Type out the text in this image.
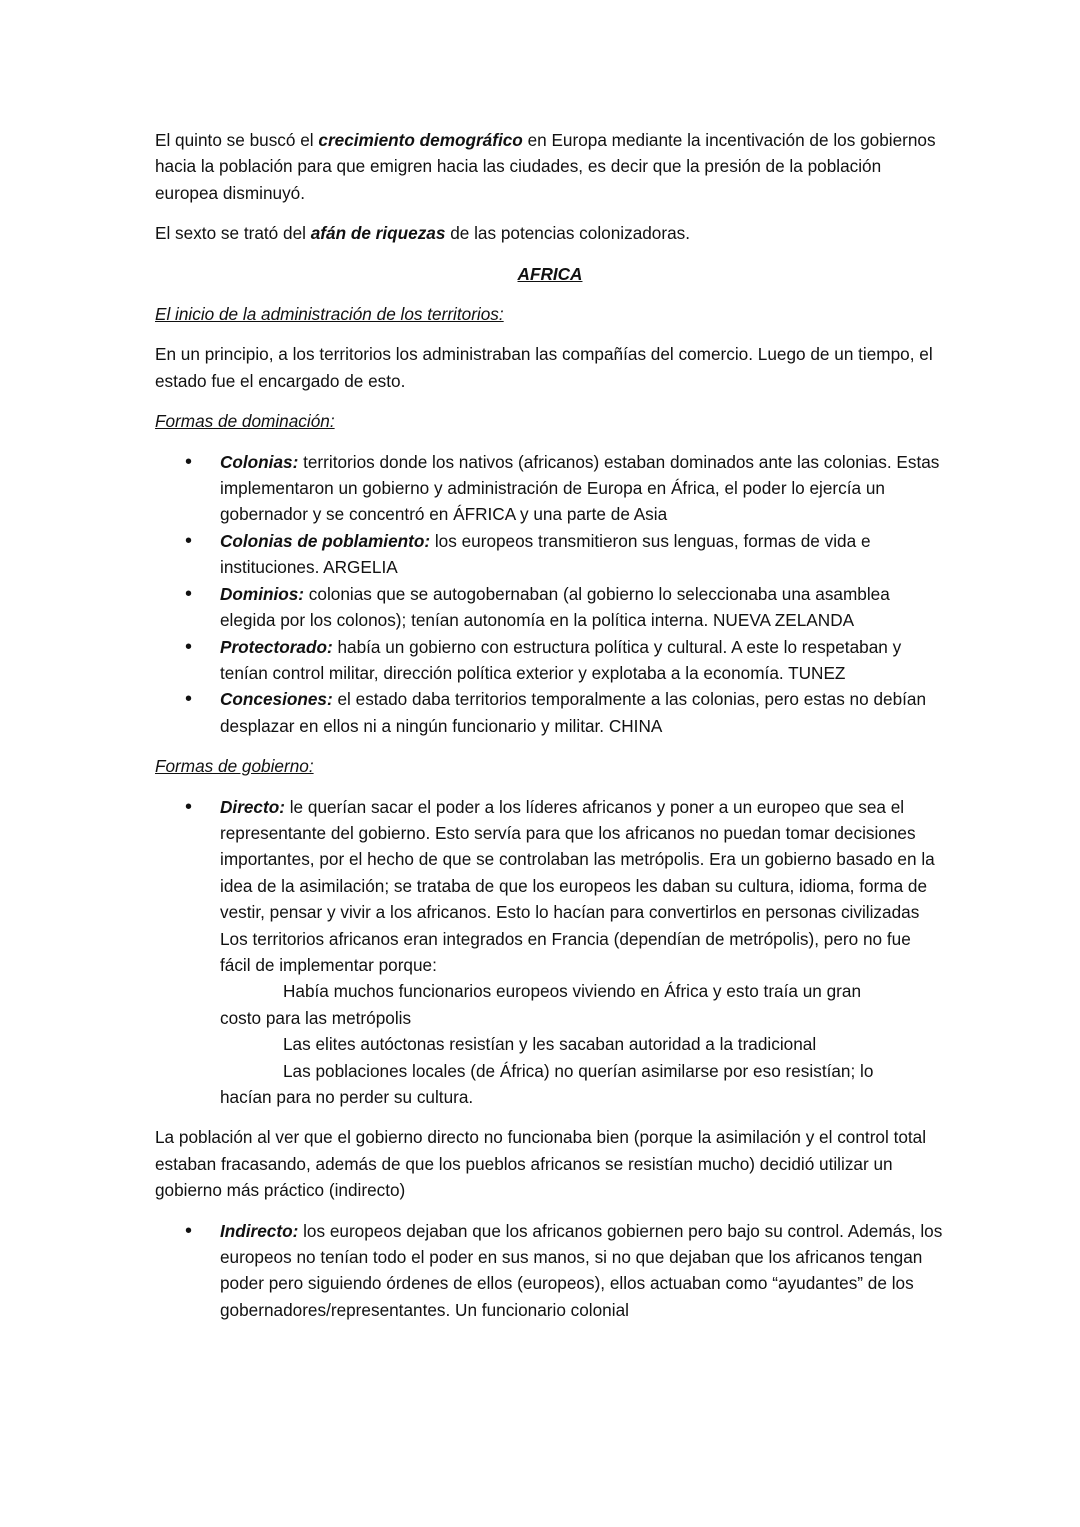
El quinto se buscó el crecimiento demográfico en Europa mediante la incentivación de los gobiernos hacia la población para que emigren hacia las ciudades, es decir que la presión de la población europea disminuyó.

El sexto se trató del afán de riquezas de las potencias colonizadoras.

AFRICA

El inicio de la administración de los territorios:

En un principio, a los territorios los administraban las compañías del comercio. Luego de un tiempo, el estado fue el encargado de esto.

Formas de dominación:

• Colonias: territorios donde los nativos (africanos) estaban dominados ante las colonias. Estas implementaron un gobierno y administración de Europa en África, el poder lo ejercía un gobernador y se concentró en ÁFRICA y una parte de Asia
• Colonias de poblamiento: los europeos transmitieron sus lenguas, formas de vida e instituciones. ARGELIA
• Dominios: colonias que se autogobernaban (al gobierno lo seleccionaba una asamblea elegida por los colonos); tenían autonomía en la política interna. NUEVA ZELANDA
• Protectorado: había un gobierno con estructura política y cultural. A este lo respetaban y tenían control militar, dirección política exterior y explotaba a la economía. TUNEZ
• Concesiones: el estado daba territorios temporalmente a las colonias, pero estas no debían desplazar en ellos ni a ningún funcionario y militar. CHINA

Formas de gobierno:

• Directo: le querían sacar el poder a los líderes africanos y poner a un europeo que sea el representante del gobierno. Esto servía para que los africanos no puedan tomar decisiones importantes, por el hecho de que se controlaban las metrópolis. Era un gobierno basado en la idea de la asimilación; se trataba de que los europeos les daban su cultura, idioma, forma de vestir, pensar y vivir a los africanos. Esto lo hacían para convertirlos en personas civilizadas
Los territorios africanos eran integrados en Francia (dependían de metrópolis), pero no fue fácil de implementar porque:
Había muchos funcionarios europeos viviendo en África y esto traía un gran
costo para las metrópolis
Las elites autóctonas resistían y les sacaban autoridad a la tradicional
Las poblaciones locales (de África) no querían asimilarse por eso resistían; lo
hacían para no perder su cultura.

La población al ver que el gobierno directo no funcionaba bien (porque la asimilación y el control total estaban fracasando, además de que los pueblos africanos se resistían mucho) decidió utilizar un gobierno más práctico (indirecto)

• Indirecto: los europeos dejaban que los africanos gobiernen pero bajo su control. Además, los europeos no tenían todo el poder en sus manos, si no que dejaban que los africanos tengan poder pero siguiendo órdenes de ellos (europeos), ellos actuaban como “ayudantes” de los gobernadores/representantes. Un funcionario colonial
